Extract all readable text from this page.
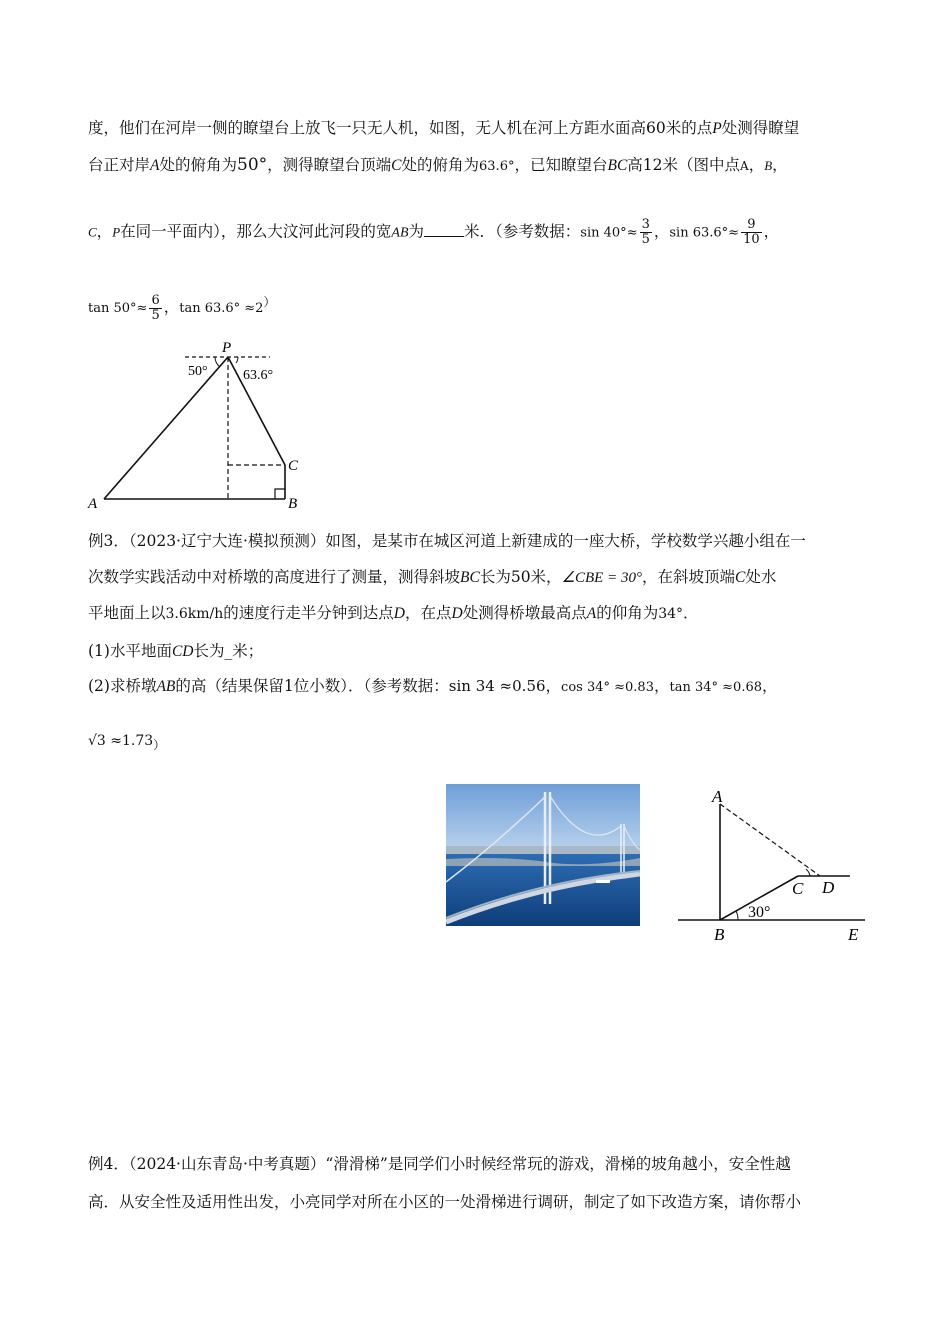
度，他们在河岸一侧的瞭望台上放飞一只无人机，如图，无人机在河上方距水面高60米的点P处测得瞭望
台正对岸A处的俯角为50°，测得瞭望台顶端C处的俯角为63.6°，已知瞭望台BC高12米（图中点A，B，
C，P在同一平面内），那么大汶河此河段的宽AB为	米．（参考数据：$\sin 40^\circ\approx \frac{3}{5}$ ，$\sin 63.6^\circ\approx \frac{9}{10}$ ，
$\tan 50^\circ\approx \frac{6}{5}$ ，tan 63.6° ≈2）
P
50°	63.6°
C
A	B
例3．（2023·辽宁大连·模拟预测）如图，是某市在城区河道上新建成的一座大桥，学校数学兴趣小组在一
次数学实践活动中对桥墩的高度进行了测量，测得斜坡BC长为50米，∠CBE = 30°，在斜坡顶端C处水
平地面上以3.6km/h的速度行走半分钟到达点D，在点D处测得桥墩最高点A的仰角为34°．
(1)水平地面CD长为_米；
(2)求桥墩AB的高（结果保留1位小数）．（参考数据：sin 34 ≈0.56，cos 34° ≈0.83，tan 34° ≈0.68，
$√3 \approx 1.73_)$
A
B
C D
E
30°
例4．（2024·山东青岛·中考真题）“滑滑梯”是同学们小时候经常玩的游戏，滑梯的坡角越小，安全性越
高．从安全性及适用性出发，小亮同学对所在小区的一处滑梯进行调研，制定了如下改造方案，请你帮小
